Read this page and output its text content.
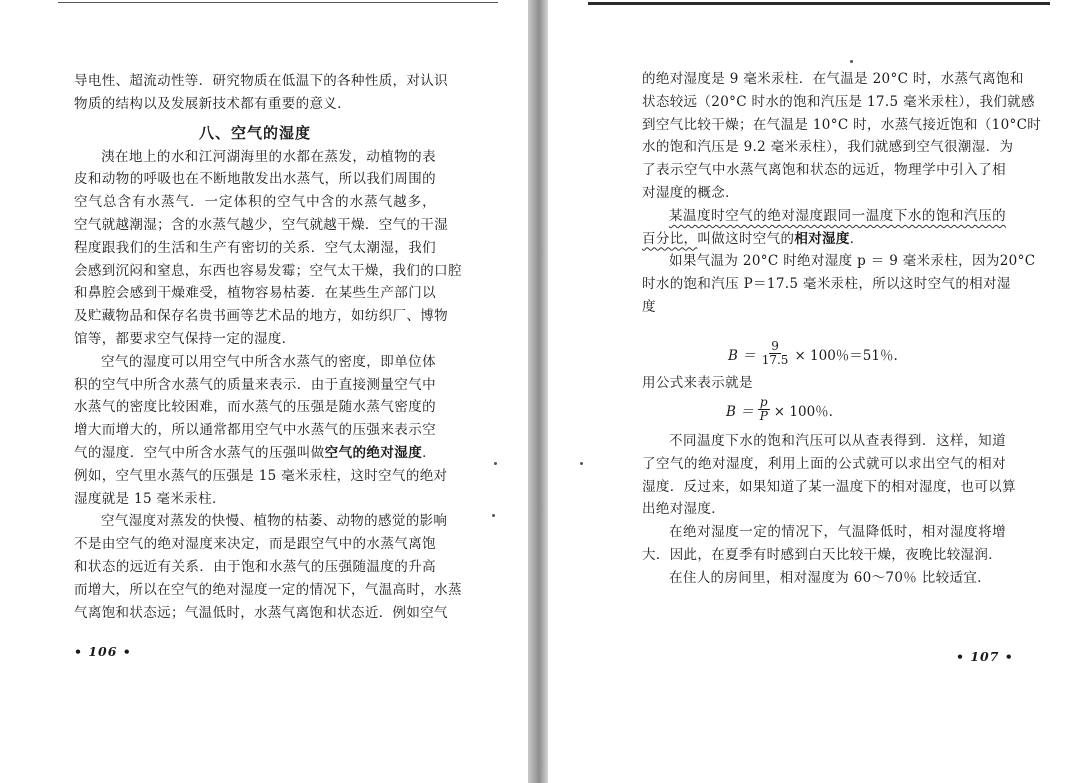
导电性、超流动性等．研究物质在低温下的各种性质，对认识
物质的结构以及发展新技术都有重要的意义．
八、空气的湿度
洟在地上的水和江河湖海里的水都在蒸发，动植物的表
皮和动物的呼吸也在不断地散发出水蒸气，所以我们周围的
空气总含有水蒸气．一定体积的空气中含的水蒸气越多，
空气就越潮湿；含的水蒸气越少，空气就越干燥．空气的干湿
程度跟我们的生活和生产有密切的关系．空气太潮湿，我们
会感到沉闷和窒息，东西也容易发霉；空气太干燥，我们的口腔
和鼻腔会感到干燥难受，植物容易枯萎．在某些生产部门以
及贮藏物品和保存名贵书画等艺术品的地方，如纺织厂、博物
馆等，都要求空气保持一定的湿度．
空气的湿度可以用空气中所含水蒸气的密度，即单位体
积的空气中所含水蒸气的质量来表示．由于直接测量空气中
水蒸气的密度比较困难，而水蒸气的压强是随水蒸气密度的
增大而增大的，所以通常都用空气中水蒸气的压强来表示空
气的湿度．空气中所含水蒸气的压强叫做空气的绝对湿度．
例如，空气里水蒸气的压强是 15 毫米汞柱，这时空气的绝对
湿度就是 15 毫米汞柱．
空气湿度对蒸发的快慢、植物的枯萎、动物的感觉的影响
不是由空气的绝对湿度来决定，而是跟空气中的水蒸气离饱
和状态的远近有关系．由于饱和水蒸气的压强随温度的升高
而增大，所以在空气的绝对湿度一定的情况下，气温高时，水蒸
气离饱和状态远；气温低时，水蒸气离饱和状态近．例如空气
• 106 •
的绝对湿度是 9 毫米汞柱．在气温是 20°C 时，水蒸气离饱和
状态较远（20°C 时水的饱和汽压是 17.5 毫米汞柱），我们就感
到空气比较干燥；在气温是 10°C 时，水蒸气接近饱和（10°C时
水的饱和汽压是 9.2 毫米汞柱），我们就感到空气很潮湿．为
了表示空气中水蒸气离饱和状态的远近，物理学中引入了相
对湿度的概念．
某温度时空气的绝对湿度跟同一温度下水的饱和汽压的
百分比，叫做这时空气的相对湿度．
如果气温为 20°C 时绝对湿度 p ＝ 9 毫米汞柱，因为20°C
时水的饱和汽压 P＝17.5 毫米汞柱，所以这时空气的相对湿
度
$B = \frac{9}{17.5} \times 100$％＝51％.
用公式来表示就是
$B = \frac{p}{P} \times 100$％.
不同温度下水的饱和汽压可以从查表得到．这样，知道
了空气的绝对湿度，利用上面的公式就可以求出空气的相对
湿度．反过来，如果知道了某一温度下的相对湿度，也可以算
出绝对湿度．
在绝对湿度一定的情况下，气温降低时，相对湿度将增
大．因此，在夏季有时感到白天比较干燥，夜晚比较湿润．
在住人的房间里，相对湿度为 60～70％ 比较适宜．
• 107 •
